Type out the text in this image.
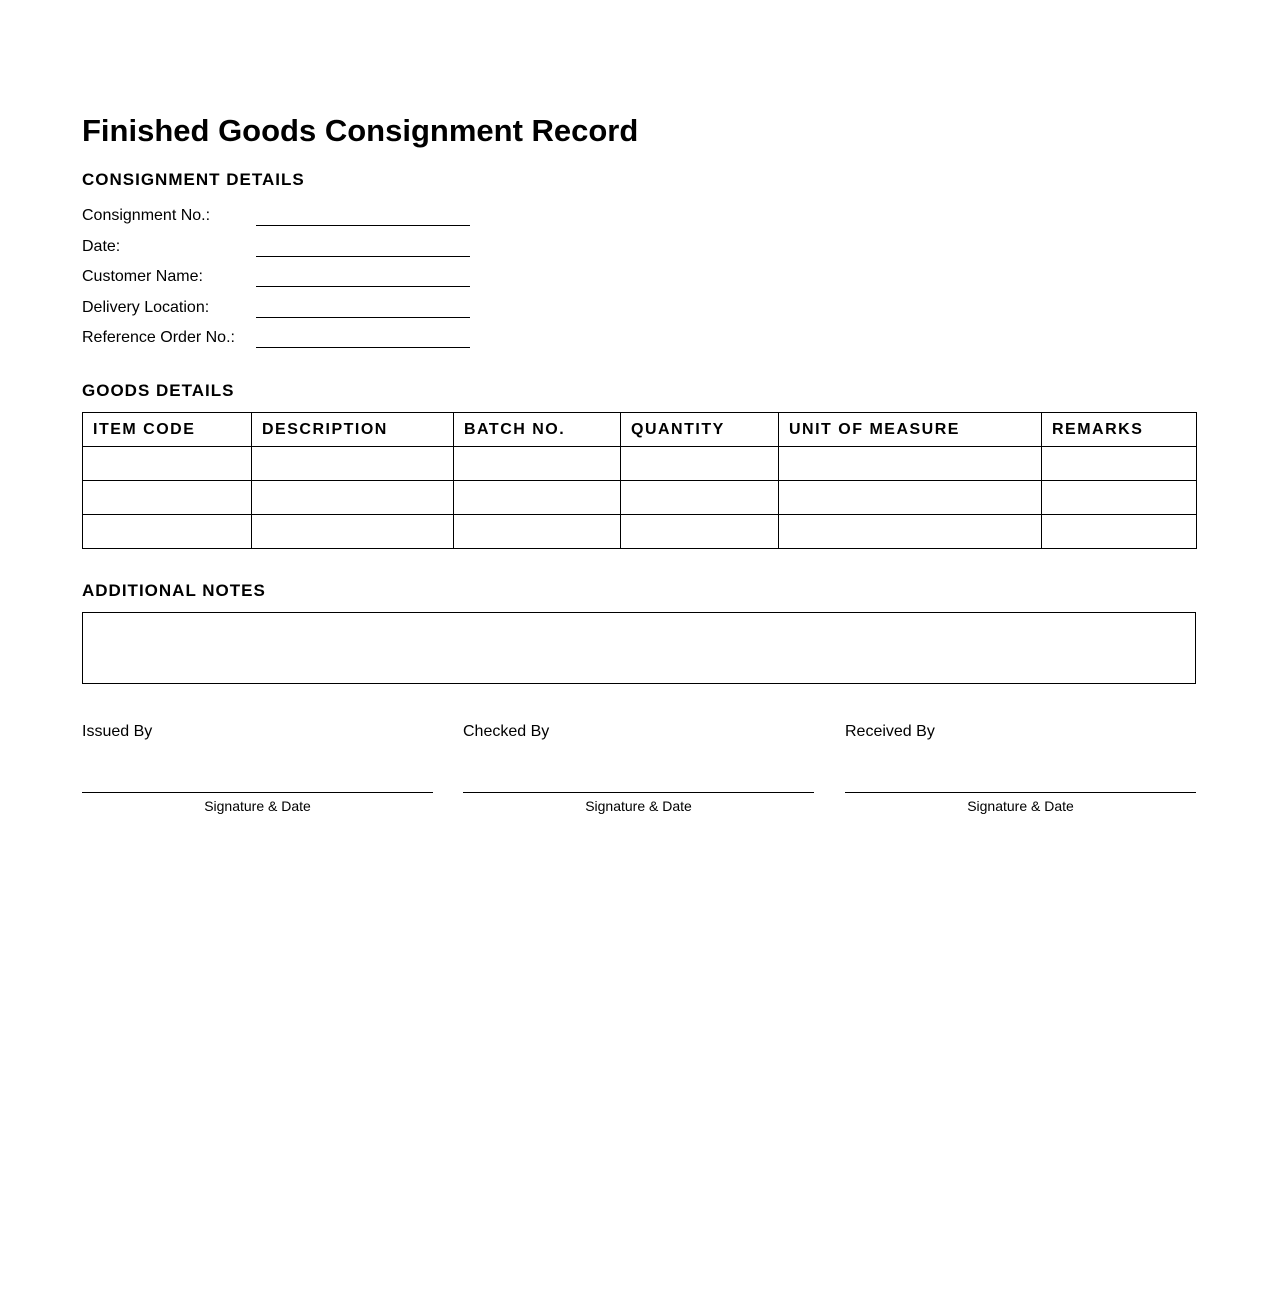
Finished Goods Consignment Record
CONSIGNMENT DETAILS
Consignment No.:
Date:
Customer Name:
Delivery Location:
Reference Order No.:
GOODS DETAILS
ITEM CODE	DESCRIPTION	BATCH NO.	QUANTITY	UNIT OF MEASURE	REMARKS

ADDITIONAL NOTES
Issued By
Signature & Date
Checked By
Signature & Date
Received By
Signature & Date
